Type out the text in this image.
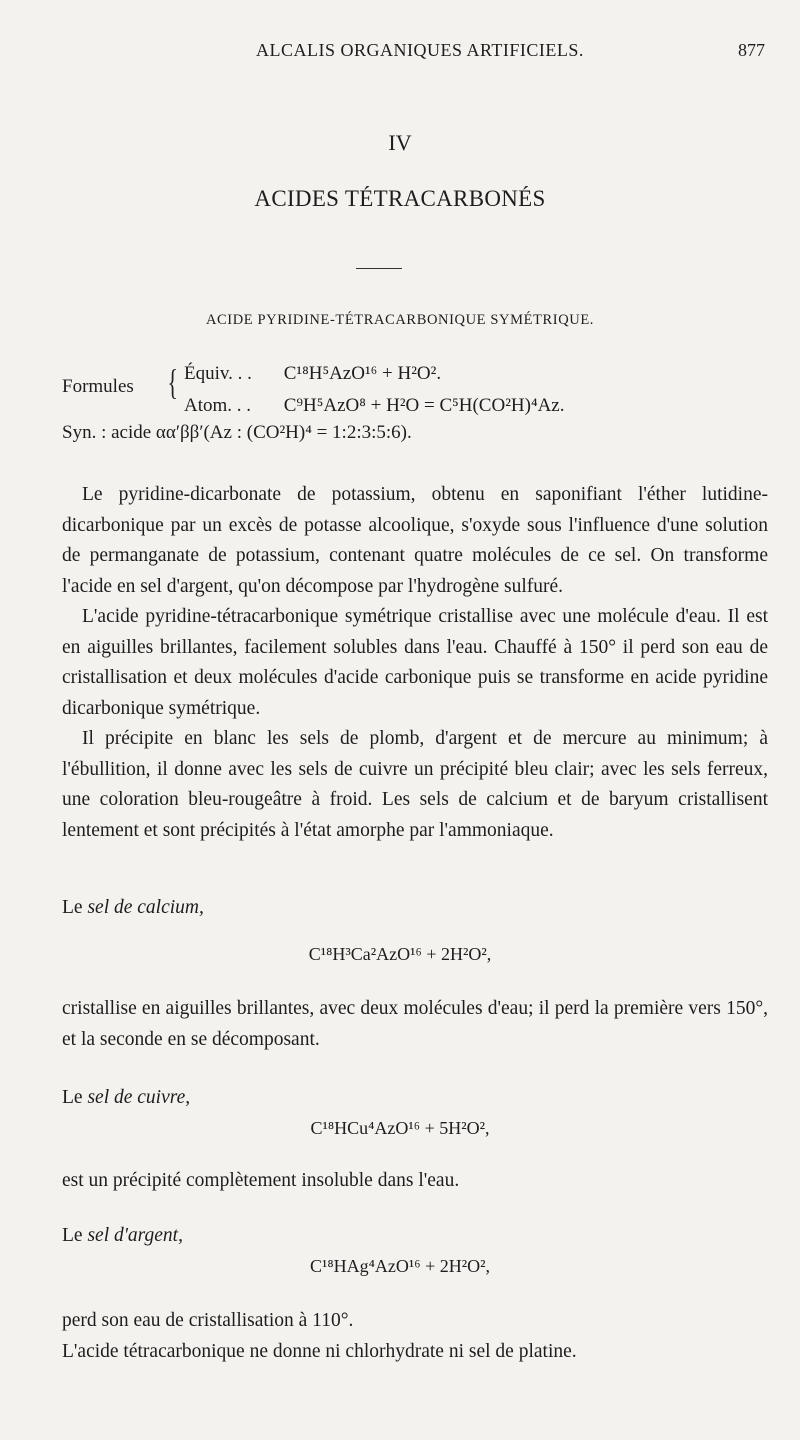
ALCALIS ORGANIQUES ARTIFICIELS.	877
IV
ACIDES TÉTRACARBONÉS
ACIDE PYRIDINE-TÉTRACARBONIQUE SYMÉTRIQUE.
Formules { Équiv. . . C¹⁸H⁵AzO¹⁶ + H²O².
Atom. . . C⁹H⁵AzO⁸ + H²O = C⁵H(CO²H)⁴Az.
Syn. : acide αα′ββ′(Az : (CO²H)⁴ = 1:2:3:5:6).

Le pyridine-dicarbonate de potassium, obtenu en saponifiant l'éther lutidine-dicarbonique par un excès de potasse alcoolique, s'oxyde sous l'influence d'une solution de permanganate de potassium, contenant quatre molécules de ce sel. On transforme l'acide en sel d'argent, qu'on décompose par l'hydrogène sulfuré.

L'acide pyridine-tétracarbonique symétrique cristallise avec une molécule d'eau. Il est en aiguilles brillantes, facilement solubles dans l'eau. Chauffé à 150° il perd son eau de cristallisation et deux molécules d'acide carbonique puis se transforme en acide pyridine dicarbonique symétrique.

Il précipite en blanc les sels de plomb, d'argent et de mercure au minimum; à l'ébullition, il donne avec les sels de cuivre un précipité bleu clair; avec les sels ferreux, une coloration bleu-rougeâtre à froid. Les sels de calcium et de baryum cristallisent lentement et sont précipités à l'état amorphe par l'ammoniaque.

Le sel de calcium,
C¹⁸H³Ca²AzO¹⁶ + 2H²O²,
cristallise en aiguilles brillantes, avec deux molécules d'eau; il perd la première vers 150°, et la seconde en se décomposant.
Le sel de cuivre,
C¹⁸HCu⁴AzO¹⁶ + 5H²O²,
est un précipité complètement insoluble dans l'eau.
Le sel d'argent,
C¹⁸HAg⁴AzO¹⁶ + 2H²O²,
perd son eau de cristallisation à 110°.
L'acide tétracarbonique ne donne ni chlorhydrate ni sel de platine.
